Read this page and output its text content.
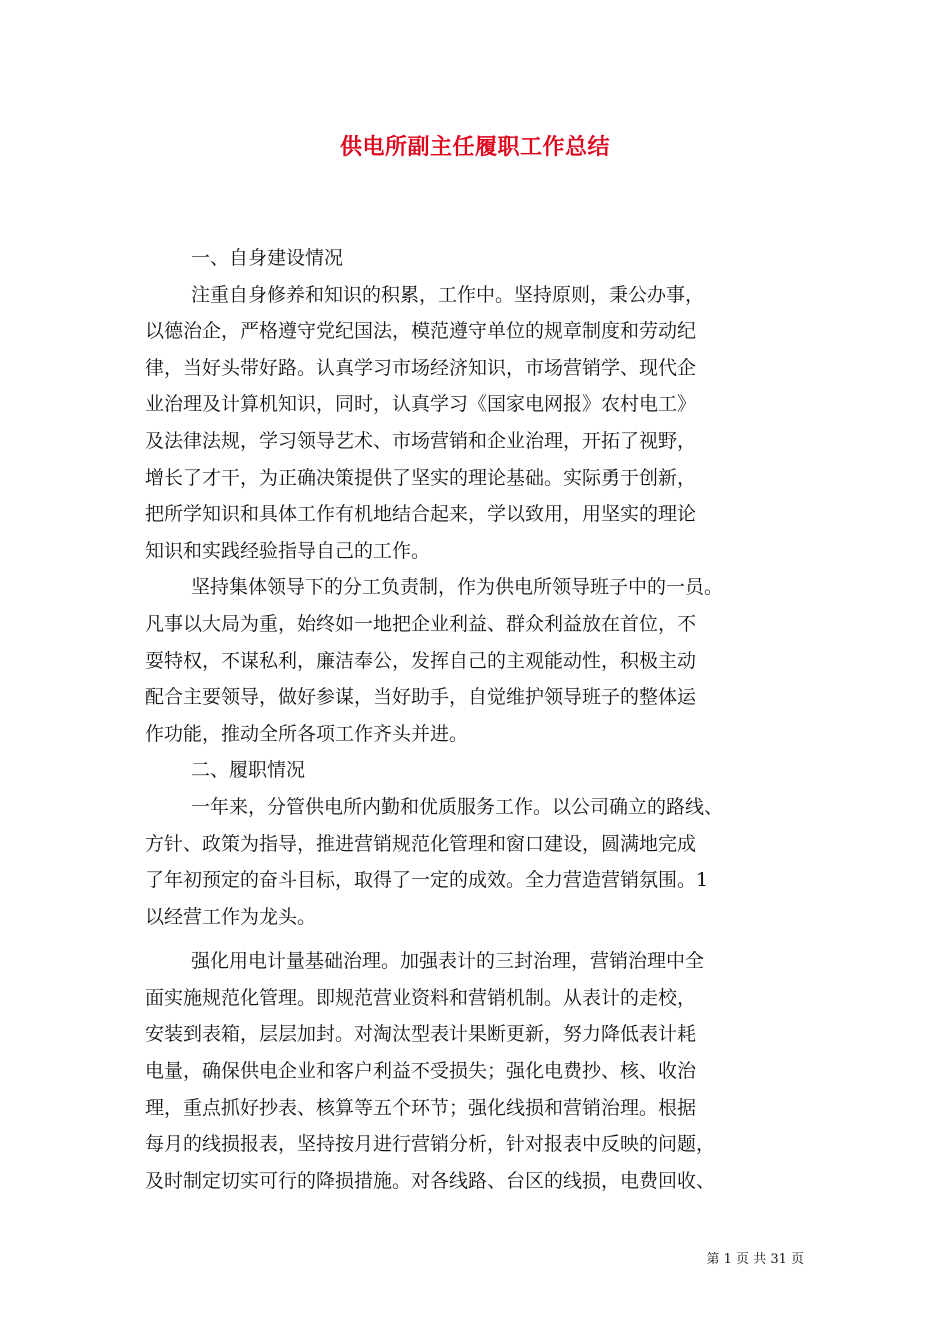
供电所副主任履职工作总结
一、自身建设情况
注重自身修养和知识的积累，工作中。坚持原则，秉公办事，
以德治企，严格遵守党纪国法，模范遵守单位的规章制度和劳动纪
律，当好头带好路。认真学习市场经济知识，市场营销学、现代企
业治理及计算机知识，同时，认真学习《国家电网报》农村电工》
及法律法规，学习领导艺术、市场营销和企业治理，开拓了视野，
增长了才干，为正确决策提供了坚实的理论基础。实际勇于创新，
把所学知识和具体工作有机地结合起来，学以致用，用坚实的理论
知识和实践经验指导自己的工作。
坚持集体领导下的分工负责制，作为供电所领导班子中的一员。
凡事以大局为重，始终如一地把企业利益、群众利益放在首位，不
耍特权，不谋私利，廉洁奉公，发挥自己的主观能动性，积极主动
配合主要领导，做好参谋，当好助手，自觉维护领导班子的整体运
作功能，推动全所各项工作齐头并进。
二、履职情况
一年来，分管供电所内勤和优质服务工作。以公司确立的路线、
方针、政策为指导，推进营销规范化管理和窗口建设，圆满地完成
了年初预定的奋斗目标，取得了一定的成效。全力营造营销氛围。1
以经营工作为龙头。
强化用电计量基础治理。加强表计的三封治理，营销治理中全
面实施规范化管理。即规范营业资料和营销机制。从表计的走校，
安装到表箱，层层加封。对淘汰型表计果断更新，努力降低表计耗
电量，确保供电企业和客户利益不受损失；强化电费抄、核、收治
理，重点抓好抄表、核算等五个环节；强化线损和营销治理。根据
每月的线损报表，坚持按月进行营销分析，针对报表中反映的问题，
及时制定切实可行的降损措施。对各线路、台区的线损，电费回收、
第 1 页 共 31 页
